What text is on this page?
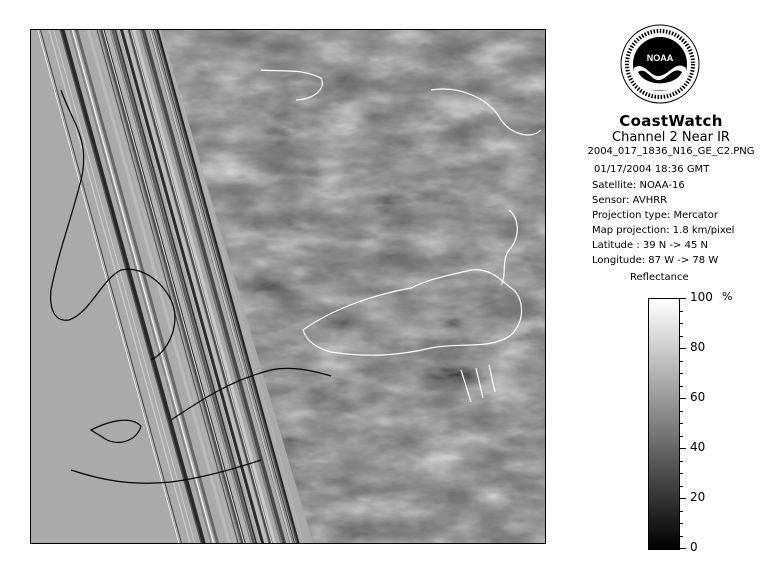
NOAA
CoastWatch
Channel 2 Near IR
2004_017_1836_N16_GE_C2.PNG
01/17/2004 18:36 GMT
Satellite: NOAA-16
Sensor: AVHRR
Projection type: Mercator
Map projection: 1.8 km/pixel
Latitude : 39 N -> 45 N
Longitude: 87 W -> 78 W
Reflectance
%
100
80
60
40
20
0
